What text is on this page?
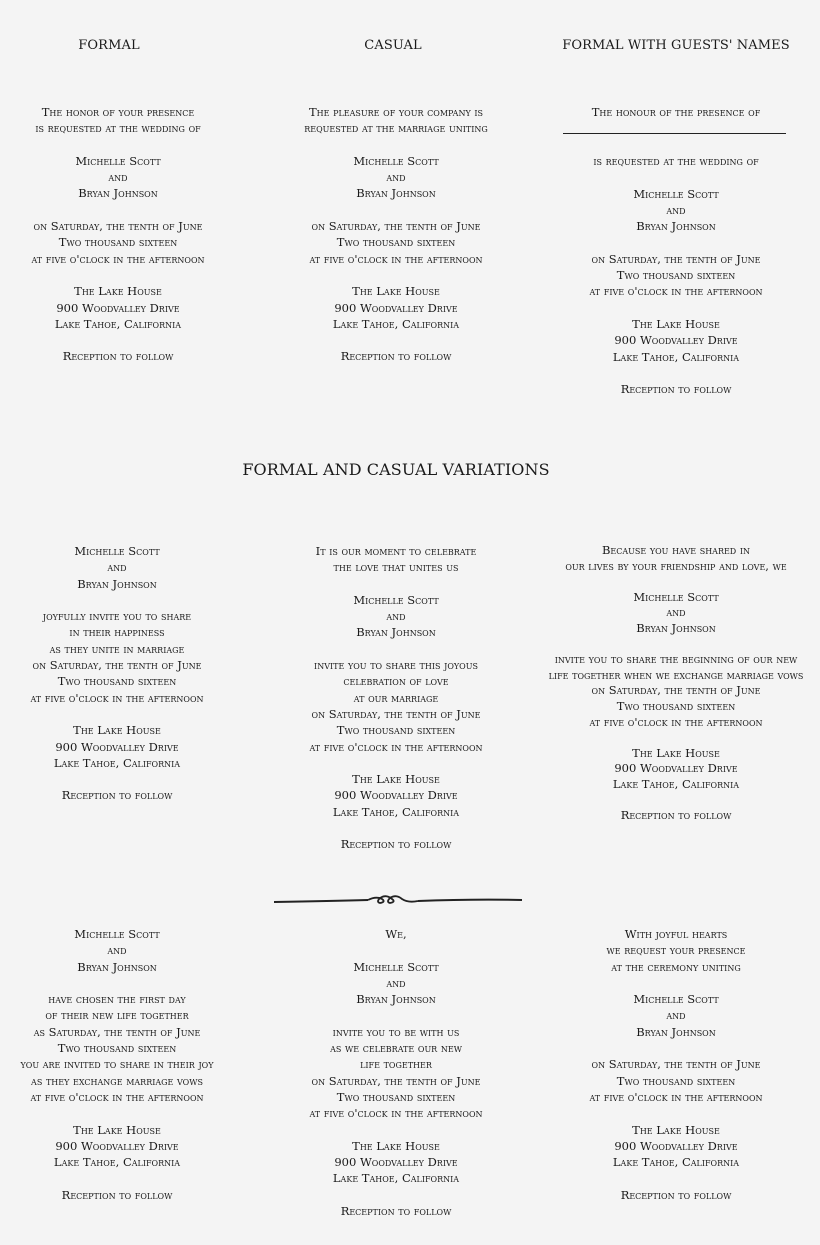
FORMAL	CASUAL	FORMAL WITH GUESTS' NAMES
The honor of your presence
is requested at the wedding of
Michelle Scott
and
Bryan Johnson
on Saturday, the tenth of June
Two thousand sixteen
at five o'clock in the afternoon
The Lake House
900 Woodvalley Drive
Lake Tahoe, California
Reception to follow
The pleasure of your company is
requested at the marriage uniting
Michelle Scott
and
Bryan Johnson
on Saturday, the tenth of June
Two thousand sixteen
at five o'clock in the afternoon
The Lake House
900 Woodvalley Drive
Lake Tahoe, California
Reception to follow
The honour of the presence of
is requested at the wedding of
Michelle Scott
and
Bryan Johnson
on Saturday, the tenth of June
Two thousand sixteen
at five o'clock in the afternoon
The Lake House
900 Woodvalley Drive
Lake Tahoe, California
Reception to follow
FORMAL AND CASUAL VARIATIONS
Michelle Scott
and
Bryan Johnson
joyfully invite you to share
in their happiness
as they unite in marriage
on Saturday, the tenth of June
Two thousand sixteen
at five o'clock in the afternoon
The Lake House
900 Woodvalley Drive
Lake Tahoe, California
Reception to follow
It is our moment to celebrate
the love that unites us
Michelle Scott
and
Bryan Johnson
invite you to share this joyous
celebration of love
at our marriage
on Saturday, the tenth of June
Two thousand sixteen
at five o'clock in the afternoon
The Lake House
900 Woodvalley Drive
Lake Tahoe, California
Reception to follow
Because you have shared in
our lives by your friendship and love, we
Michelle Scott
and
Bryan Johnson
invite you to share the beginning of our new
life together when we exchange marriage vows
on Saturday, the tenth of June
Two thousand sixteen
at five o'clock in the afternoon
The Lake House
900 Woodvalley Drive
Lake Tahoe, California
Reception to follow
Michelle Scott
and
Bryan Johnson
have chosen the first day
of their new life together
as Saturday, the tenth of June
Two thousand sixteen
you are invited to share in their joy
as they exchange marriage vows
at five o'clock in the afternoon
The Lake House
900 Woodvalley Drive
Lake Tahoe, California
Reception to follow
We,
Michelle Scott
and
Bryan Johnson
invite you to be with us
as we celebrate our new
life together
on Saturday, the tenth of June
Two thousand sixteen
at five o'clock in the afternoon
The Lake House
900 Woodvalley Drive
Lake Tahoe, California
Reception to follow
With joyful hearts
we request your presence
at the ceremony uniting
Michelle Scott
and
Bryan Johnson
on Saturday, the tenth of June
Two thousand sixteen
at five o'clock in the afternoon
The Lake House
900 Woodvalley Drive
Lake Tahoe, California
Reception to follow
